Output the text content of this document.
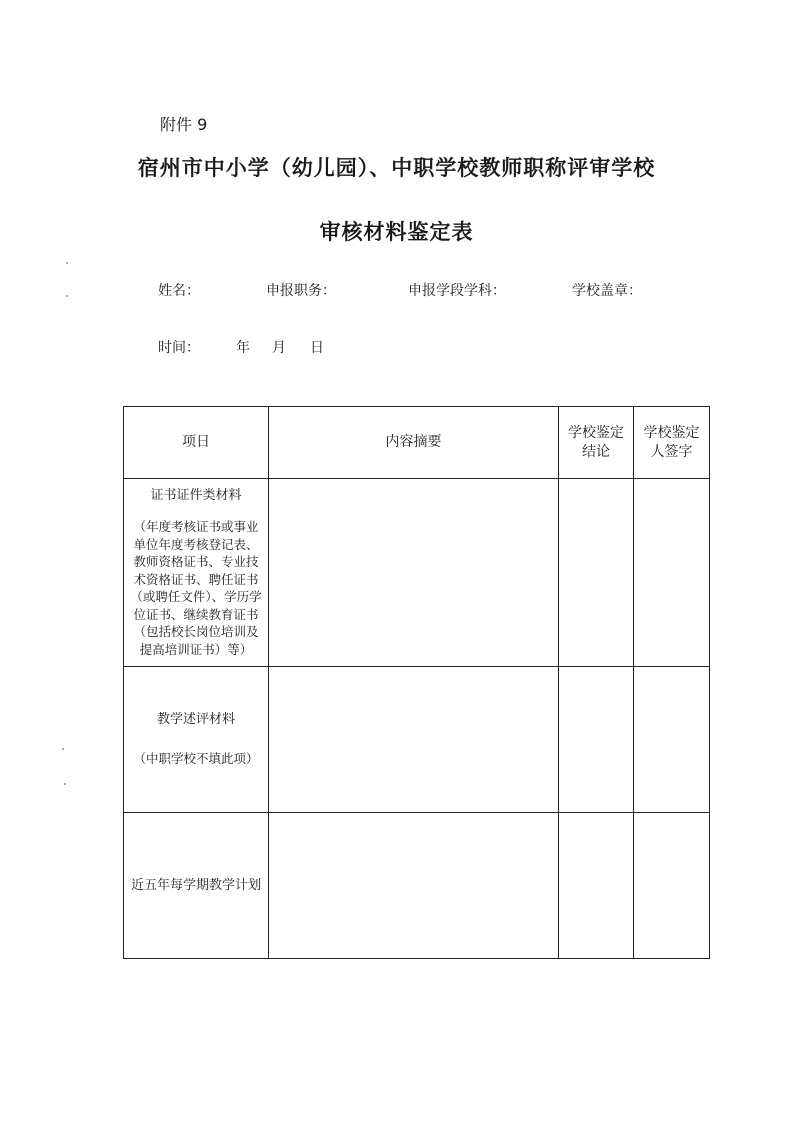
附件 9
宿州市中小学（幼儿园）、中职学校教师职称评审学校
审核材料鉴定表
姓名：	申报职务：	申报学段学科：	学校盖章：
时间：	年 月 日
项日	内容摘要	学校鉴定结论	学校鉴定人签字

证书证件类材料
（年度考核证书或事业单位年度考核登记表、教师资格证书、专业技术资格证书、聘任证书（或聘任文件）、学历学位证书、继续教育证书（包括校长岗位培训及提高培训证书）等）			

教学述评材料
（中职学校不填此项）			

近五年每学期教学计划			
